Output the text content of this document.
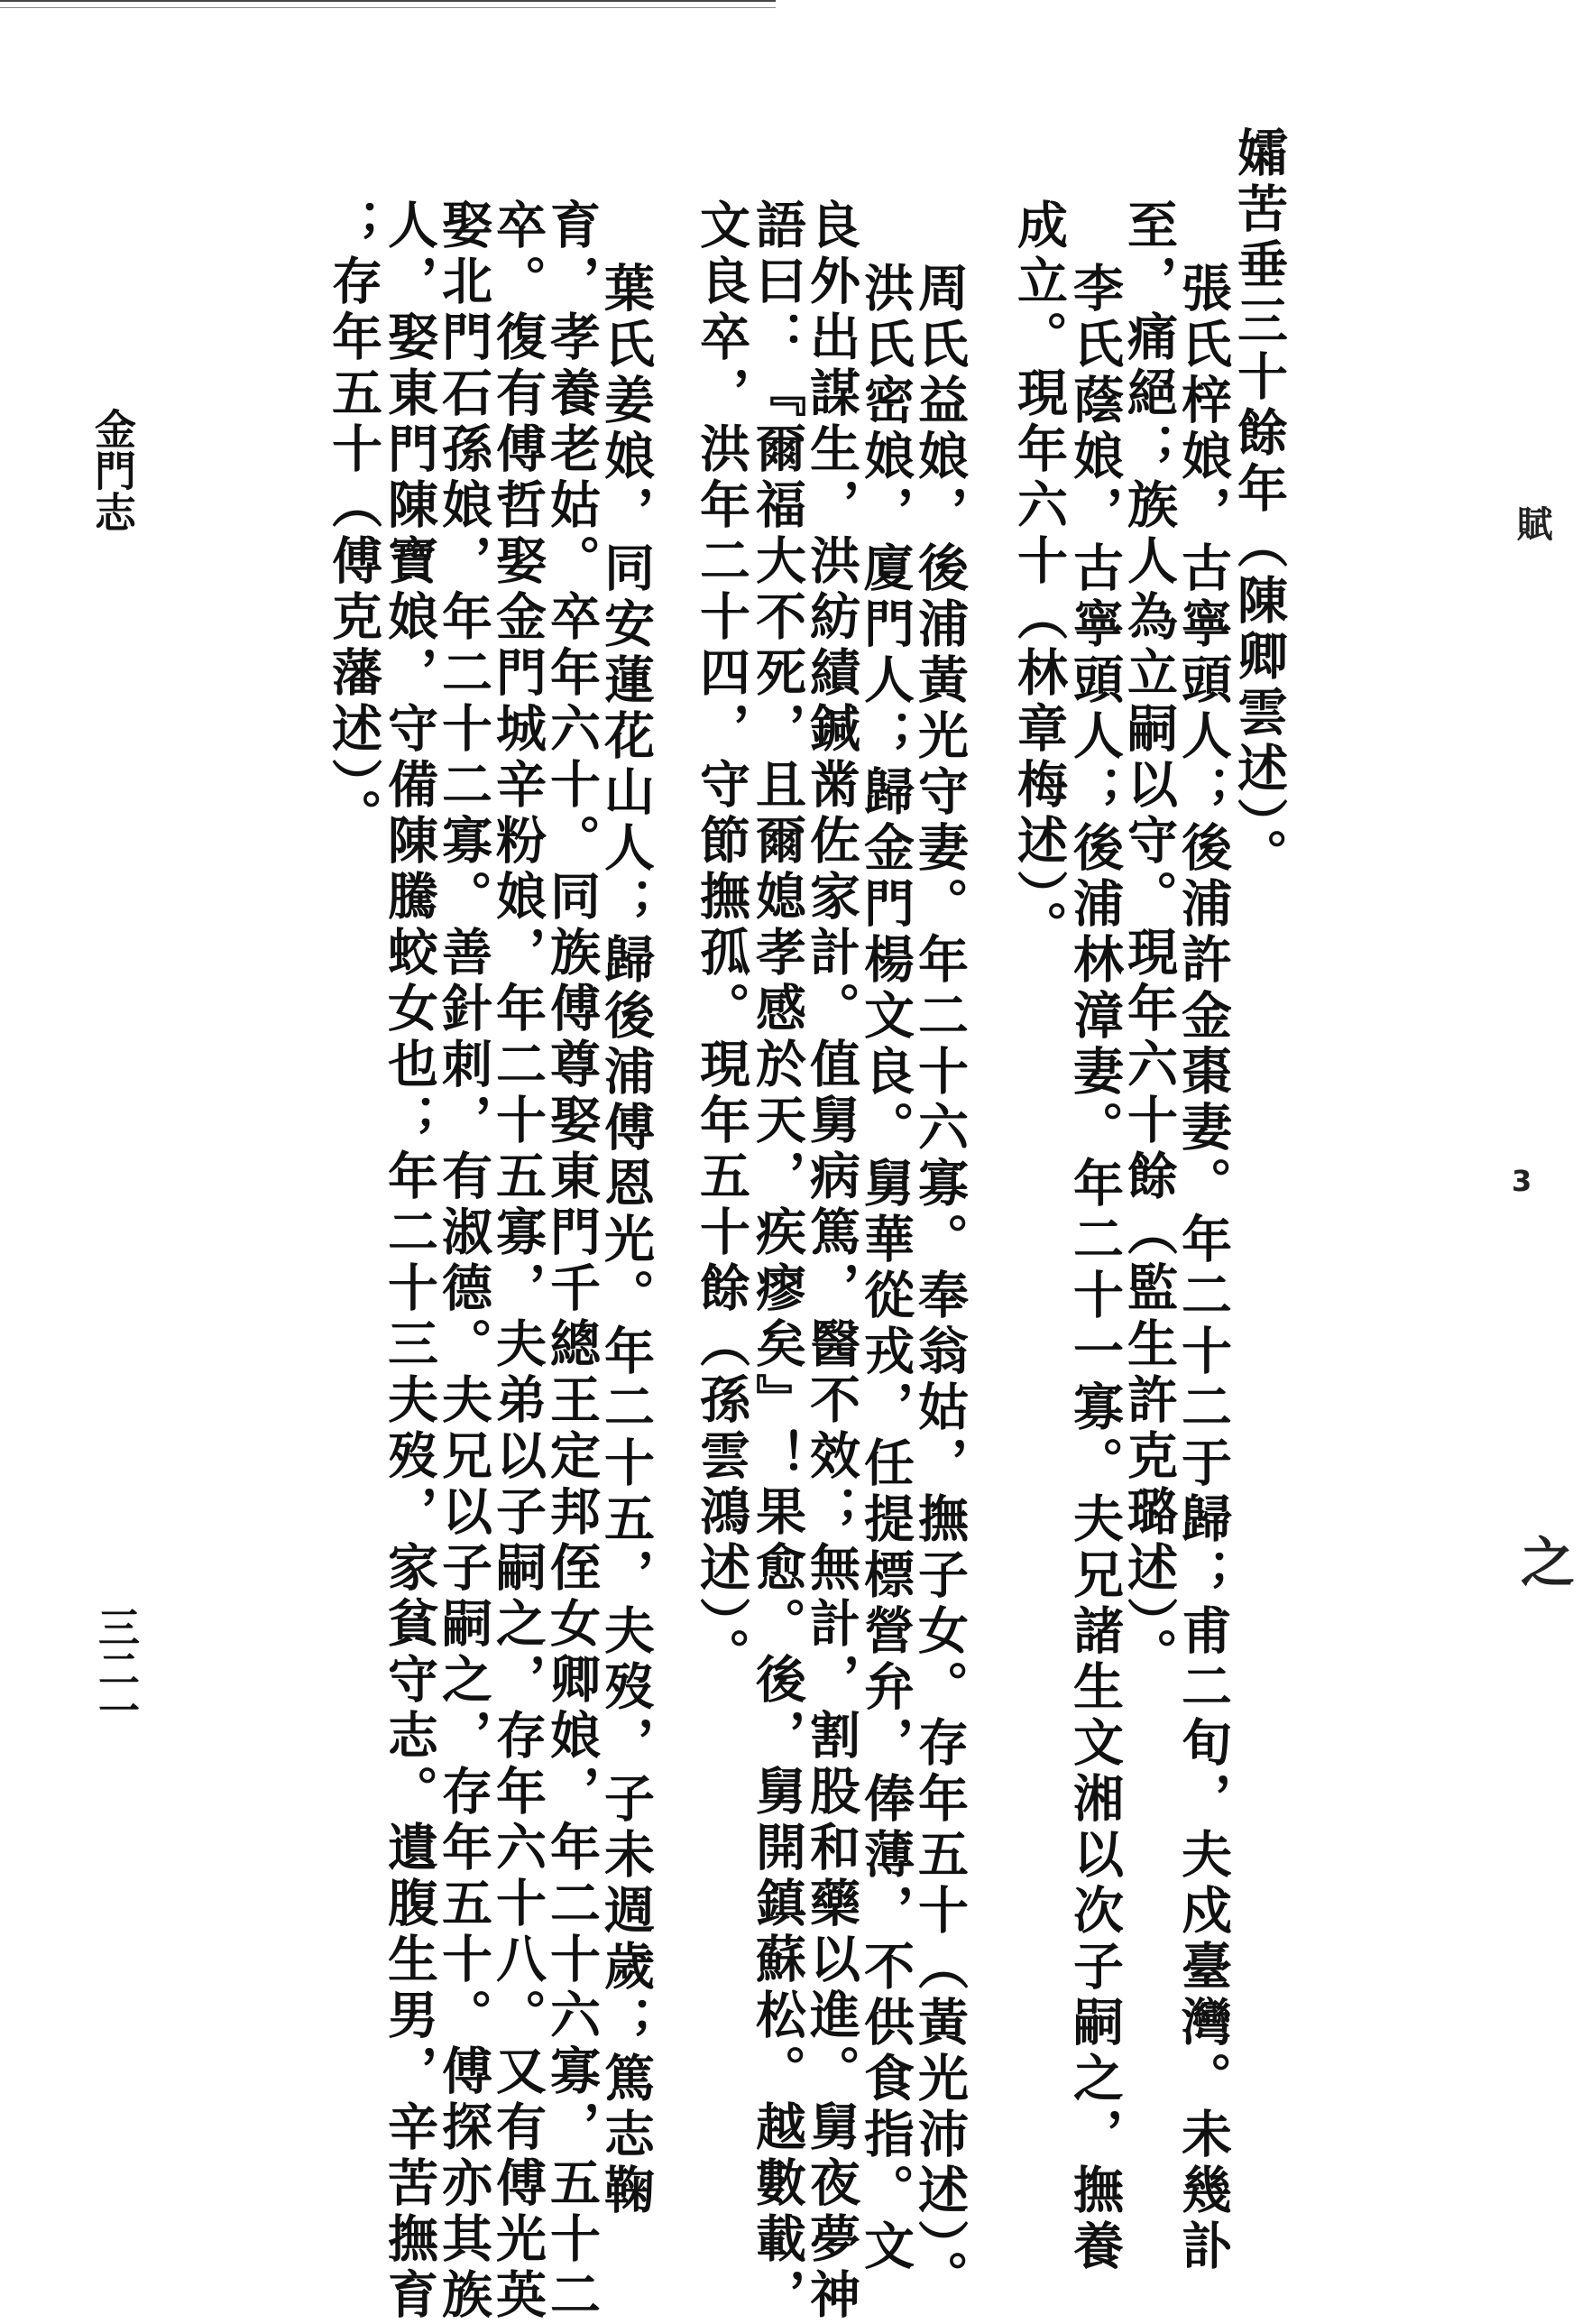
孀苦垂三十餘年（陳卿雲述）。
張氏梓娘，古寧頭人；後浦許金棗妻。年二十二于歸；甫二旬，夫戍臺灣。未幾訃
至，痛絕；族人為立嗣以守。現年六十餘（監生許克璐述）。
李氏蔭娘，古寧頭人；後浦林漳妻。年二十一寡。夫兄諸生文湘以次子嗣之，撫養
成立。現年六十（林章梅述）。
周氏益娘，後浦黃光守妻。年二十六寡。奉翁姑，撫子女。存年五十（黃光沛述）。
洪氏密娘，廈門人；歸金門楊文良。舅華從戎，任提標營弁，俸薄，不供食指。文
良外出謀生，洪紡績鍼黹佐家計。值舅病篤，醫不效；無計，割股和藥以進。舅夜夢神
語曰：『爾福大不死，且爾媳孝感於天，疾瘳矣』！果愈。後，舅開鎮蘇松。越數載，
文良卒，洪年二十四，守節撫孤。現年五十餘（孫雲鴻述）。
葉氏姜娘，同安蓮花山人；歸後浦傅恩光。年二十五，夫歿，子未週歲；篤志鞠
育，孝養老姑。卒年六十。同族傅尊娶東門千總王定邦侄女卿娘，年二十六寡，五十二
卒。復有傅哲娶金門城辛粉娘，年二十五寡，夫弟以子嗣之，存年六十八。又有傅光英
娶北門石孫娘，年二十二寡。善針刺，有淑德。夫兄以子嗣之，存年五十。傅探亦其族
人，娶東門陳寶娘，守備陳騰蛟女也；年二十三夫歿，家貧守志。遺腹生男，辛苦撫育
；存年五十（傅克藩述）。
金門志
三二一
賦
3
之
